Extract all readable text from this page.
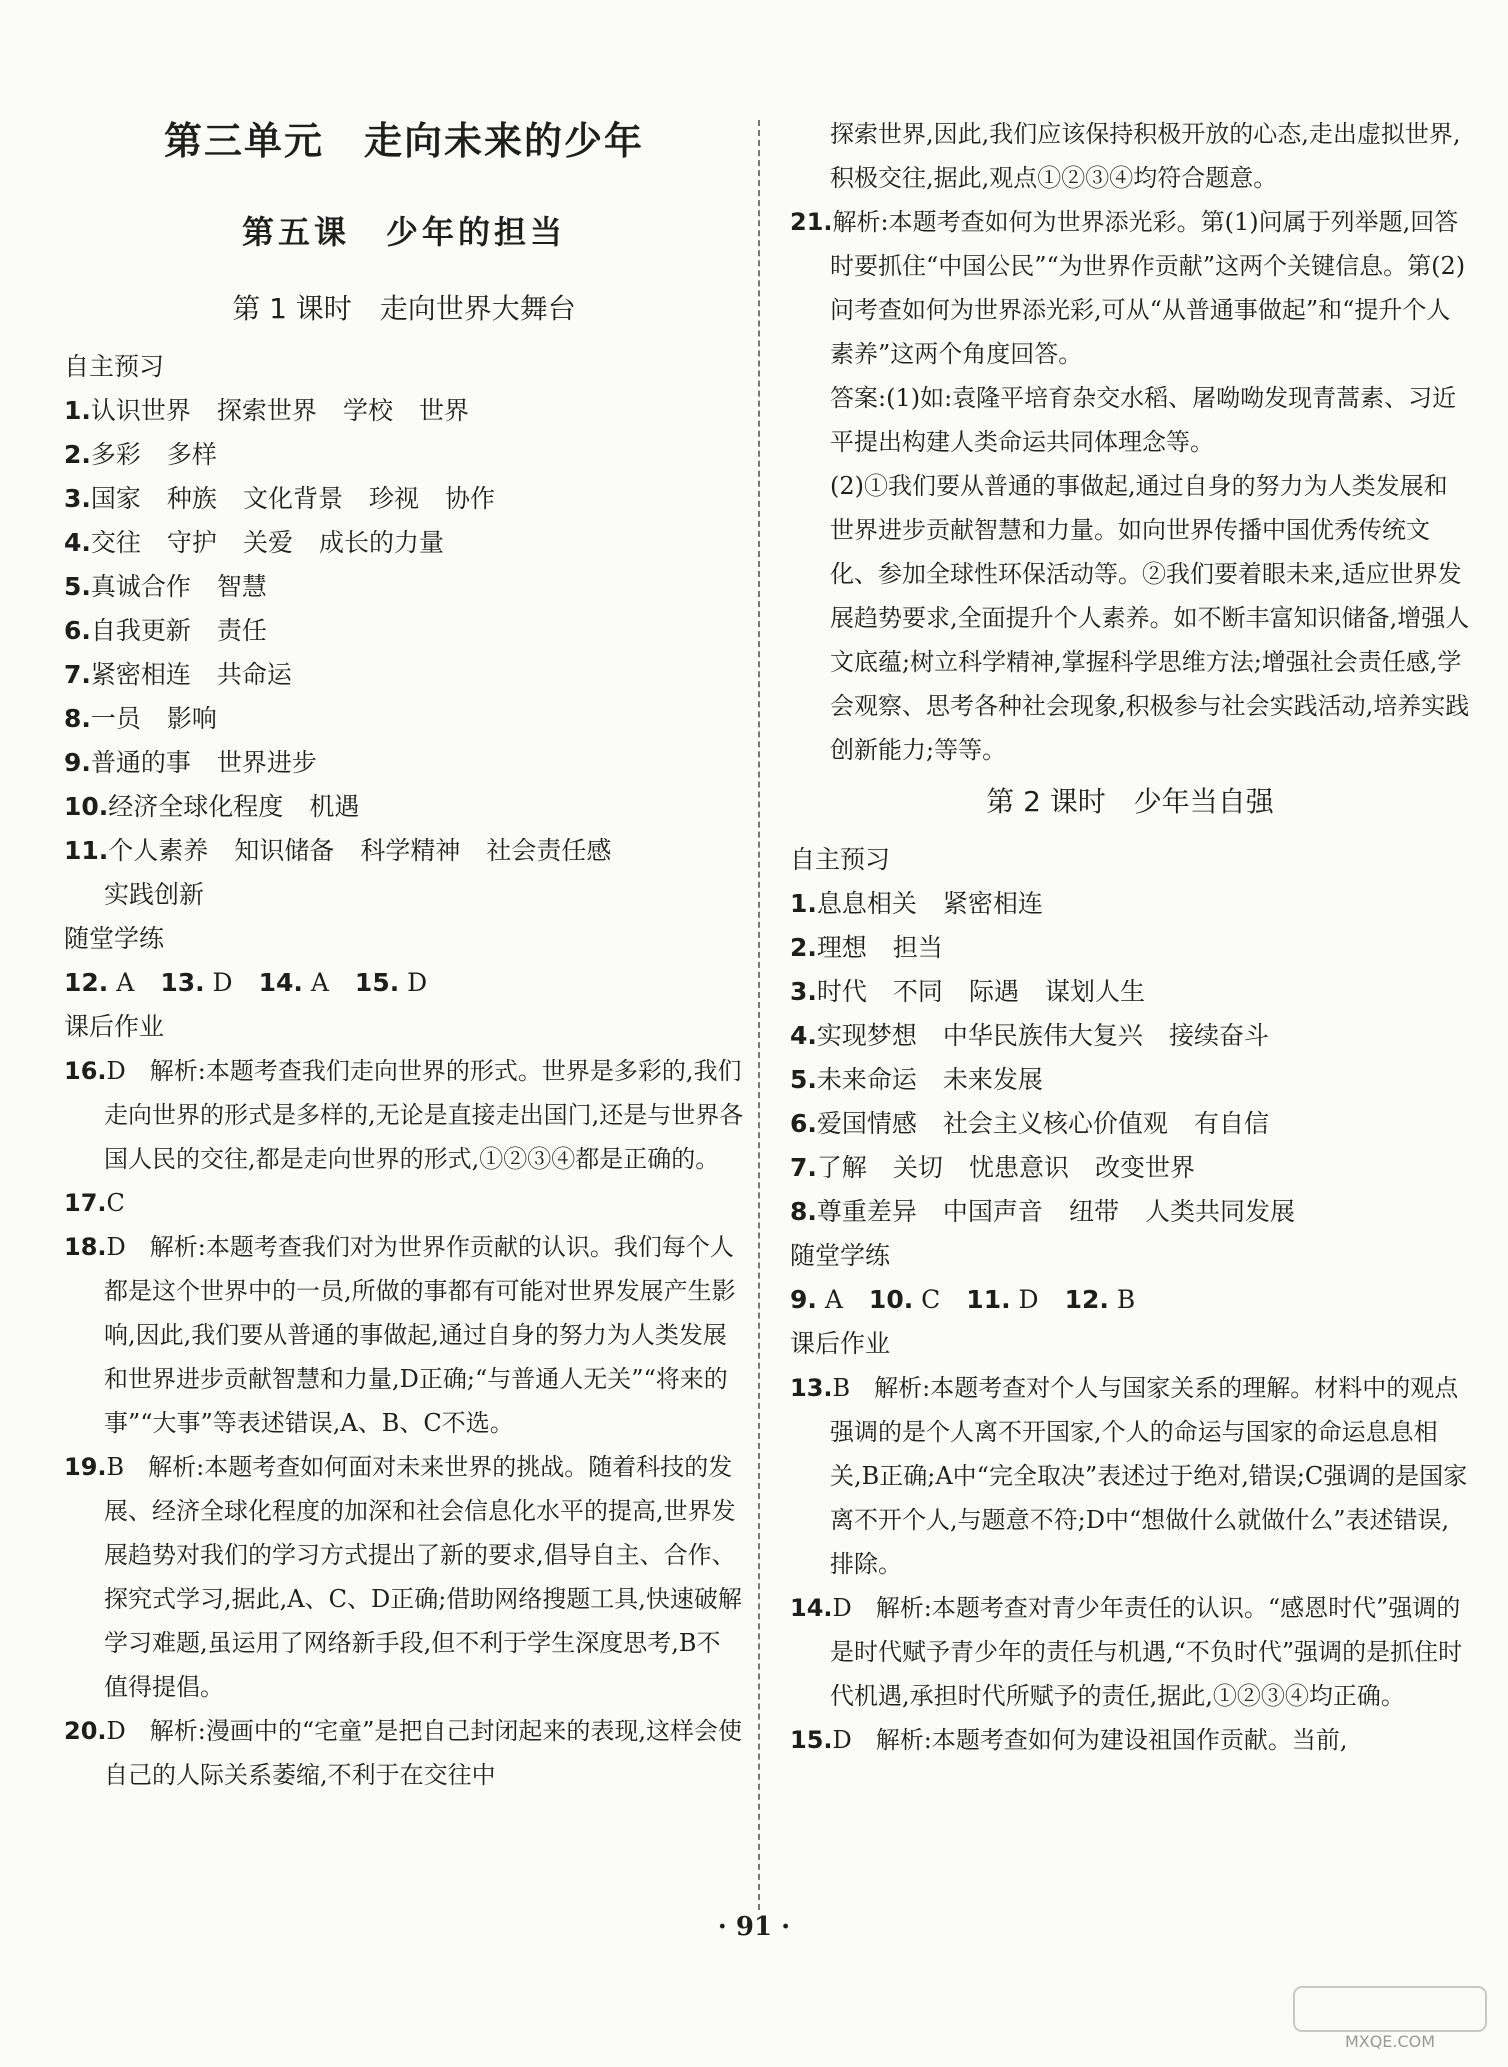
第三单元　走向未来的少年
第五课　少年的担当
第 1 课时　走向世界大舞台
自主预习
1.认识世界 探索世界 学校 世界
2.多彩 多样
3.国家 种族 文化背景 珍视 协作
4.交往 守护 关爱 成长的力量
5.真诚合作 智慧
6.自我更新 责任
7.紧密相连 共命运
8.一员 影响
9.普通的事 世界进步
10.经济全球化程度 机遇
11.个人素养 知识储备 科学精神 社会责任感
实践创新
随堂学练
12. A 13. D 14. A 15. D
课后作业
16.D　解析:本题考查我们走向世界的形式。世界是多彩的,我们走向世界的形式是多样的,无论是直接走出国门,还是与世界各国人民的交往,都是走向世界的形式,①②③④都是正确的。
17.C
18.D　解析:本题考查我们对为世界作贡献的认识。我们每个人都是这个世界中的一员,所做的事都有可能对世界发展产生影响,因此,我们要从普通的事做起,通过自身的努力为人类发展和世界进步贡献智慧和力量,D正确;“与普通人无关”“将来的事”“大事”等表述错误,A、B、C不选。
19.B　解析:本题考查如何面对未来世界的挑战。随着科技的发展、经济全球化程度的加深和社会信息化水平的提高,世界发展趋势对我们的学习方式提出了新的要求,倡导自主、合作、探究式学习,据此,A、C、D正确;借助网络搜题工具,快速破解学习难题,虽运用了网络新手段,但不利于学生深度思考,B不值得提倡。
20.D　解析:漫画中的“宅童”是把自己封闭起来的表现,这样会使自己的人际关系萎缩,不利于在交往中
探索世界,因此,我们应该保持积极开放的心态,走出虚拟世界,积极交往,据此,观点①②③④均符合题意。
21.解析:本题考查如何为世界添光彩。第(1)问属于列举题,回答时要抓住“中国公民”“为世界作贡献”这两个关键信息。第(2)问考查如何为世界添光彩,可从“从普通事做起”和“提升个人素养”这两个角度回答。
答案:(1)如:袁隆平培育杂交水稻、屠呦呦发现青蒿素、习近平提出构建人类命运共同体理念等。
(2)①我们要从普通的事做起,通过自身的努力为人类发展和世界进步贡献智慧和力量。如向世界传播中国优秀传统文化、参加全球性环保活动等。②我们要着眼未来,适应世界发展趋势要求,全面提升个人素养。如不断丰富知识储备,增强人文底蕴;树立科学精神,掌握科学思维方法;增强社会责任感,学会观察、思考各种社会现象,积极参与社会实践活动,培养实践创新能力;等等。
第 2 课时　少年当自强
自主预习
1.息息相关 紧密相连
2.理想 担当
3.时代 不同 际遇 谋划人生
4.实现梦想 中华民族伟大复兴 接续奋斗
5.未来命运 未来发展
6.爱国情感 社会主义核心价值观 有自信
7.了解 关切 忧患意识 改变世界
8.尊重差异 中国声音 纽带 人类共同发展
随堂学练
9. A 10. C 11. D 12. B
课后作业
13.B　解析:本题考查对个人与国家关系的理解。材料中的观点强调的是个人离不开国家,个人的命运与国家的命运息息相关,B正确;A中“完全取决”表述过于绝对,错误;C强调的是国家离不开个人,与题意不符;D中“想做什么就做什么”表述错误,排除。
14.D　解析:本题考查对青少年责任的认识。“感恩时代”强调的是时代赋予青少年的责任与机遇,“不负时代”强调的是抓住时代机遇,承担时代所赋予的责任,据此,①②③④均正确。
15.D　解析:本题考查如何为建设祖国作贡献。当前,
· 91 ·
MXQE.COM
